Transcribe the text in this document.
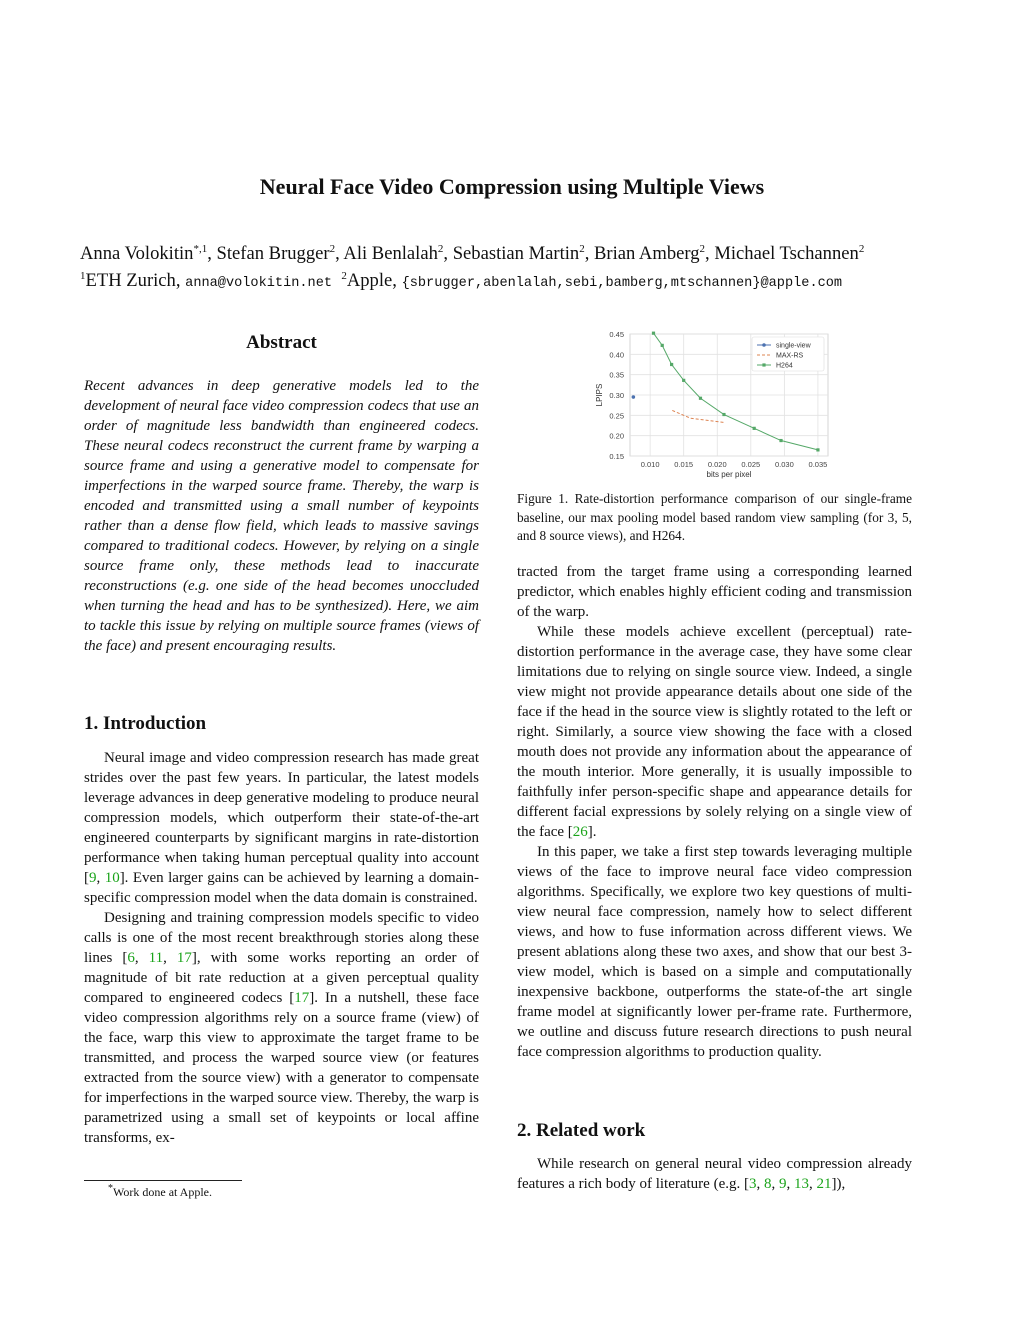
Neural Face Video Compression using Multiple Views
Anna Volokitin$^{*,1}$, Stefan Brugger$^2$, Ali Benlalah$^2$, Sebastian Martin$^2$, Brian Amberg$^2$, Michael Tschannen$^2$
$^1$ETH Zurich, anna@volokitin.net  $^2$Apple, {sbrugger,abenlalah,sebi,bamberg,mtschannen}@apple.com
Abstract
Recent advances in deep generative models led to the development of neural face video compression codecs that use an order of magnitude less bandwidth than engineered codecs. These neural codecs reconstruct the current frame by warping a source frame and using a generative model to compensate for imperfections in the warped source frame. Thereby, the warp is encoded and transmitted using a small number of keypoints rather than a dense flow field, which leads to massive savings compared to traditional codecs. However, by relying on a single source frame only, these methods lead to inaccurate reconstructions (e.g. one side of the head becomes unoccluded when turning the head and has to be synthesized). Here, we aim to tackle this issue by relying on multiple source frames (views of the face) and present encouraging results.
1. Introduction

Neural image and video compression research has made great strides over the past few years. In particular, the latest models leverage advances in deep generative modeling to produce neural compression models, which outperform their state-of-the-art engineered counterparts by significant margins in rate-distortion performance when taking human perceptual quality into account [9, 10]. Even larger gains can be achieved by learning a domain-specific compression model when the data domain is constrained.

Designing and training compression models specific to video calls is one of the most recent breakthrough stories along these lines [6, 11, 17], with some works reporting an order of magnitude of bit rate reduction at a given perceptual quality compared to engineered codecs [17]. In a nutshell, these face video compression algorithms rely on a source frame (view) of the face, warp this view to approximate the target frame to be transmitted, and process the warped source view (or features extracted from the source view) with a generator to compensate for imperfections in the warped source view. Thereby, the warp is parametrized using a small set of keypoints or local affine transforms, ex-

*Work done at Apple.
0.15
0.20
0.25
0.30
0.35
0.40
0.45
0.010 0.015 0.020 0.025 0.030 0.035
bits per pixel
LPIPS
single-view
MAX-RS
H264
Figure 1. Rate-distortion performance comparison of our single-frame baseline, our max pooling model based random view sampling (for 3, 5, and 8 source views), and H264.

tracted from the target frame using a corresponding learned predictor, which enables highly efficient coding and transmission of the warp.

While these models achieve excellent (perceptual) rate-distortion performance in the average case, they have some clear limitations due to relying on single source view. Indeed, a single view might not provide appearance details about one side of the face if the head in the source view is slightly rotated to the left or right. Similarly, a source view showing the face with a closed mouth does not provide any information about the appearance of the mouth interior. More generally, it is usually impossible to faithfully infer person-specific shape and appearance details for different facial expressions by solely relying on a single view of the face [26].

In this paper, we take a first step towards leveraging multiple views of the face to improve neural face video compression algorithms. Specifically, we explore two key questions of multi-view neural face compression, namely how to select different views, and how to fuse information across different views. We present ablations along these two axes, and show that our best 3-view model, which is based on a simple and computationally inexpensive backbone, outperforms the state-of-the art single frame model at significantly lower per-frame rate. Furthermore, we outline and discuss future research directions to push neural face compression algorithms to production quality.

2. Related work

While research on general neural video compression already features a rich body of literature (e.g. [3, 8, 9, 13, 21]),
